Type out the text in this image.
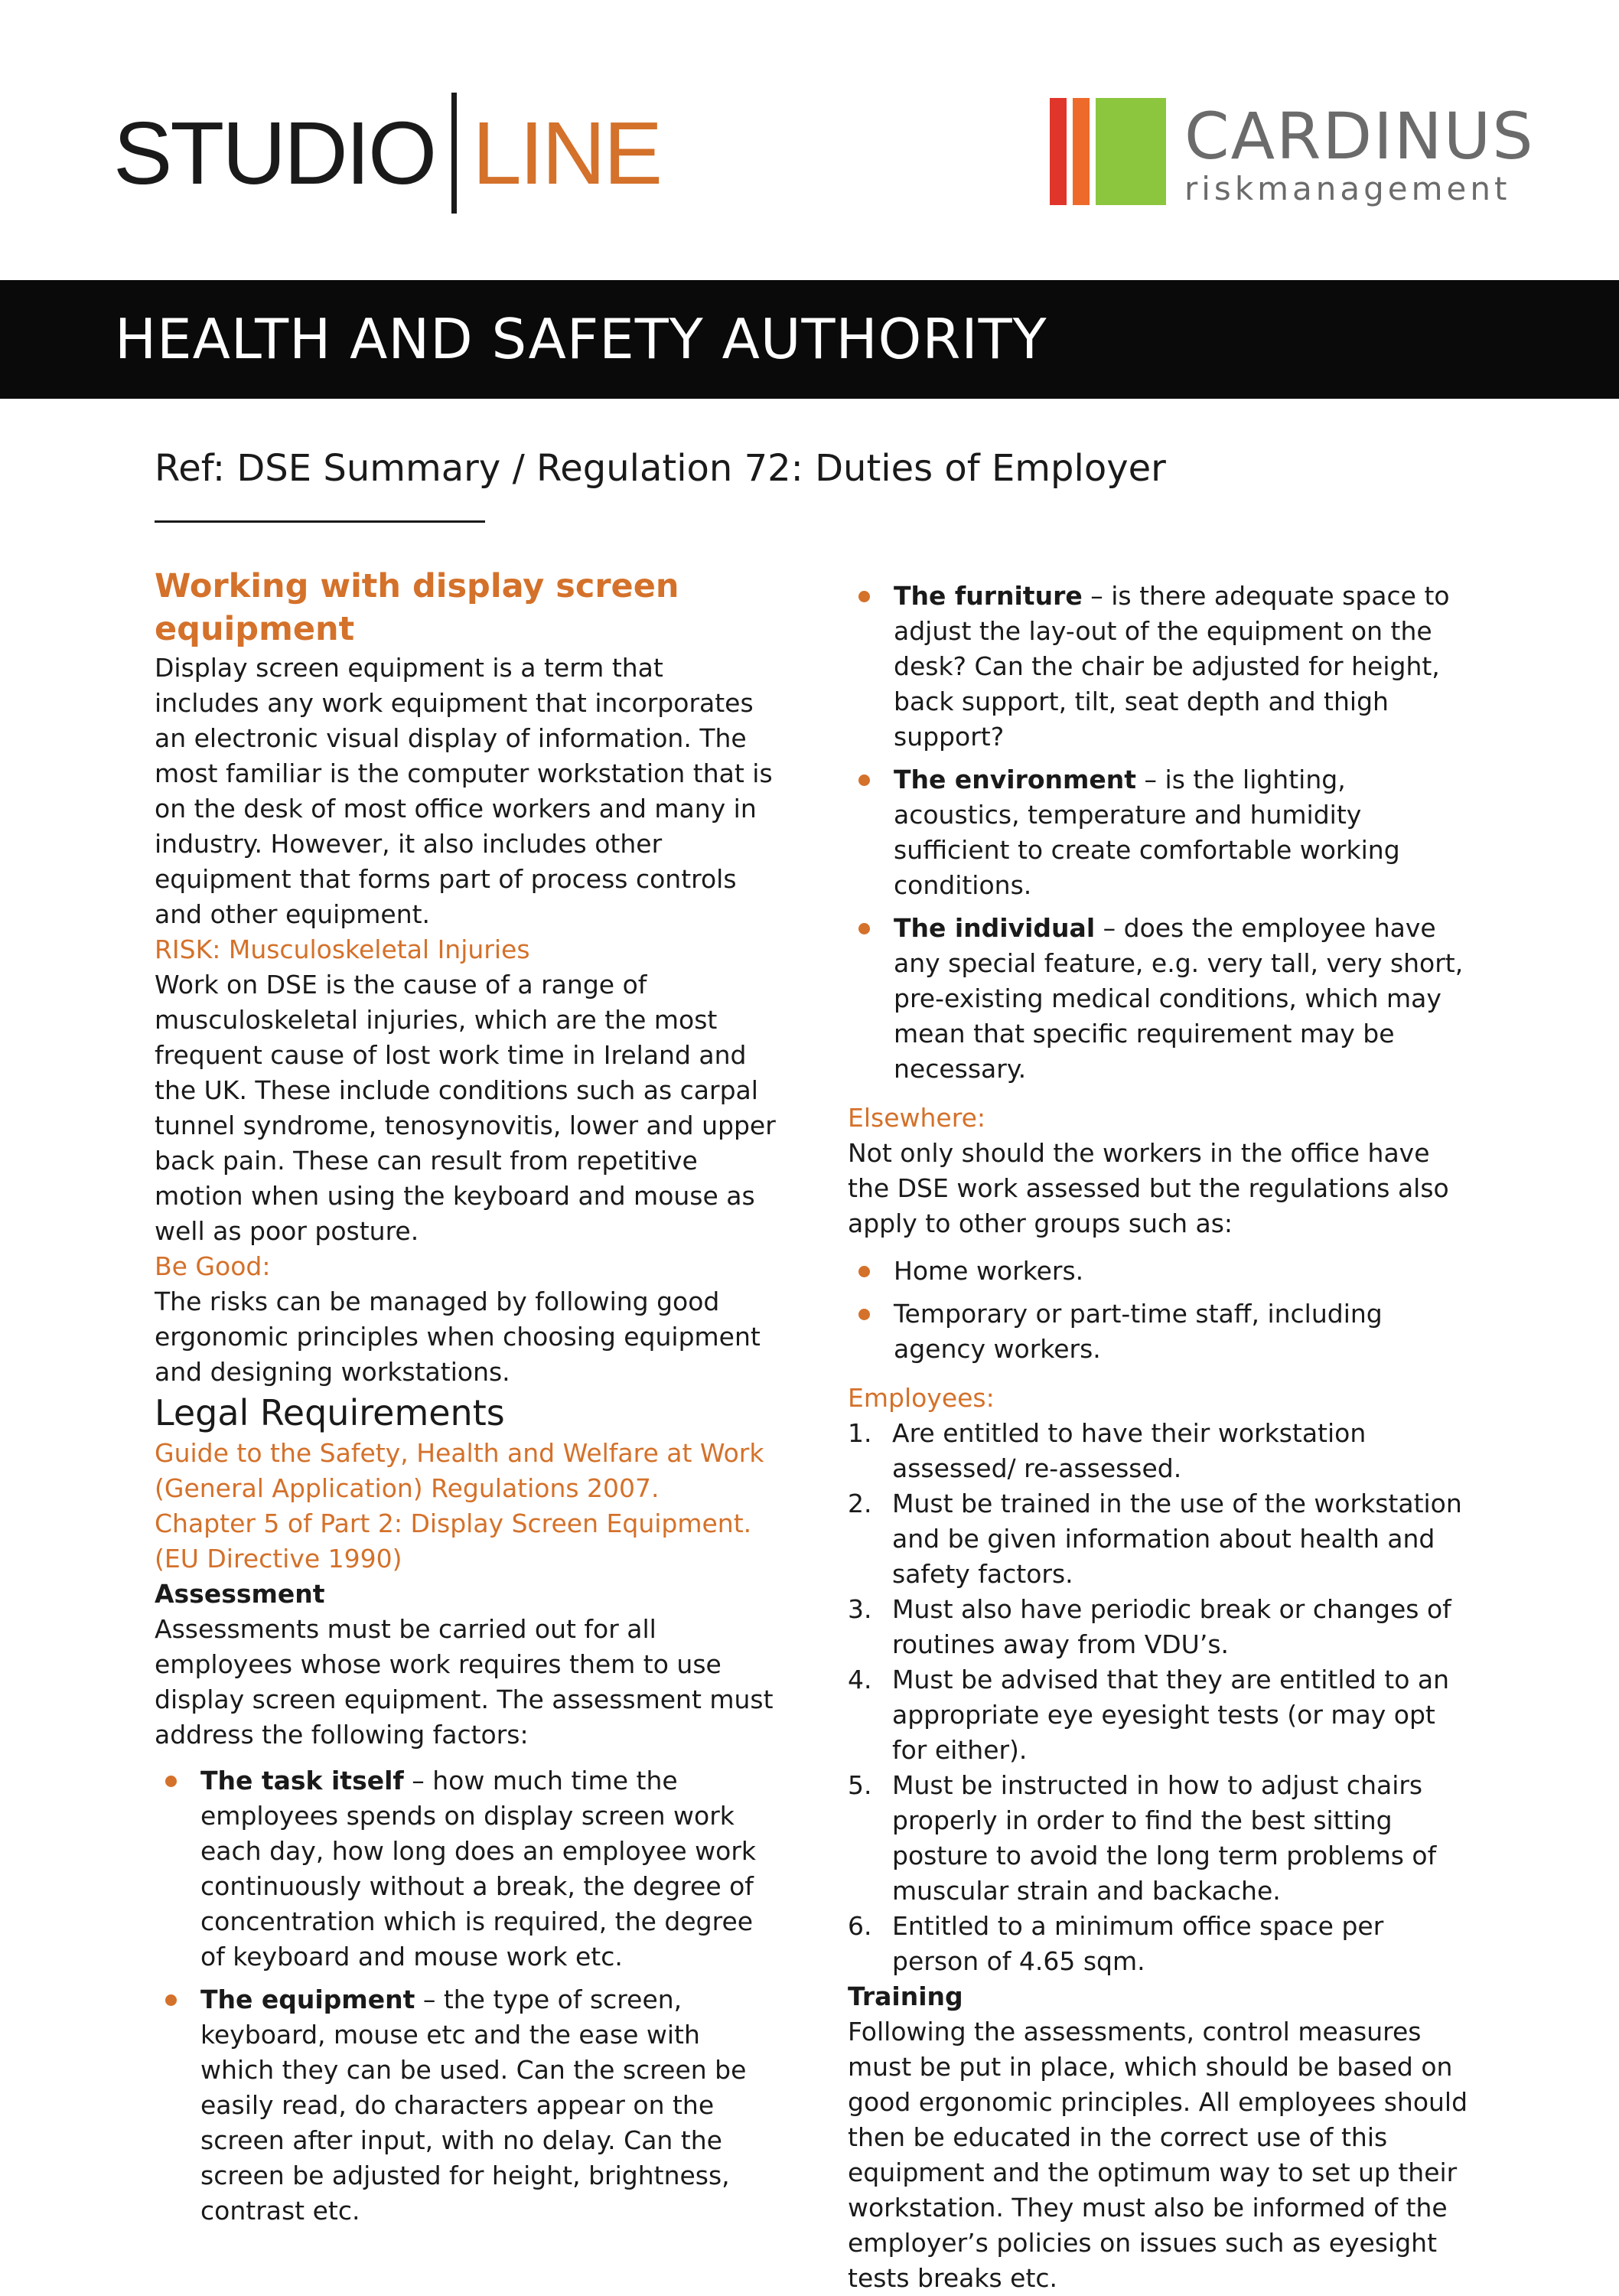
STUDIO LINE	CARDINUS
riskmanagement
HEALTH AND SAFETY AUTHORITY
Ref: DSE Summary / Regulation 72: Duties of Employer

Working with display screen equipment

Display screen equipment is a term that includes any work equipment that incorporates an electronic visual display of information. The most familiar is the computer workstation that is on the desk of most office workers and many in industry. However, it also includes other equipment that forms part of process controls and other equipment.

RISK: Musculoskeletal Injuries

Work on DSE is the cause of a range of musculoskeletal injuries, which are the most frequent cause of lost work time in Ireland and the UK. These include conditions such as carpal tunnel syndrome, tenosynovitis, lower and upper back pain. These can result from repetitive motion when using the keyboard and mouse as well as poor posture.

Be Good:

The risks can be managed by following good ergonomic principles when choosing equipment and designing workstations.

Legal Requirements

Guide to the Safety, Health and Welfare at Work

(General Application) Regulations 2007.

Chapter 5 of Part 2: Display Screen Equipment.

(EU Directive 1990)

Assessment

Assessments must be carried out for all employees whose work requires them to use display screen equipment. The assessment must address the following factors:

The task itself – how much time the employees spends on display screen work each day, how long does an employee work continuously without a break, the degree of concentration which is required, the degree of keyboard and mouse work etc.
The equipment – the type of screen, keyboard, mouse etc and the ease with which they can be used. Can the screen be easily read, do characters appear on the screen after input, with no delay. Can the screen be adjusted for height, brightness, contrast etc.
The furniture – is there adequate space to adjust the lay-out of the equipment on the desk? Can the chair be adjusted for height, back support, tilt, seat depth and thigh support?
The environment – is the lighting, acoustics, temperature and humidity sufficient to create comfortable working conditions.
The individual – does the employee have any special feature, e.g. very tall, very short, pre-existing medical conditions, which may mean that specific requirement may be necessary.

Elsewhere:

Not only should the workers in the office have the DSE work assessed but the regulations also apply to other groups such as:

Home workers.
Temporary or part-time staff, including agency workers.

Employees:

1. Are entitled to have their workstation assessed/ re-assessed.
2. Must be trained in the use of the workstation and be given information about health and safety factors.
3. Must also have periodic break or changes of routines away from VDU’s.
4. Must be advised that they are entitled to an appropriate eye eyesight tests (or may opt for either).
5. Must be instructed in how to adjust chairs properly in order to find the best sitting posture to avoid the long term problems of muscular strain and backache.
6. Entitled to a minimum office space per person of 4.65 sqm.

Training

Following the assessments, control measures must be put in place, which should be based on good ergonomic principles. All employees should then be educated in the correct use of this equipment and the optimum way to set up their workstation. They must also be informed of the employer’s policies on issues such as eyesight tests breaks etc.
